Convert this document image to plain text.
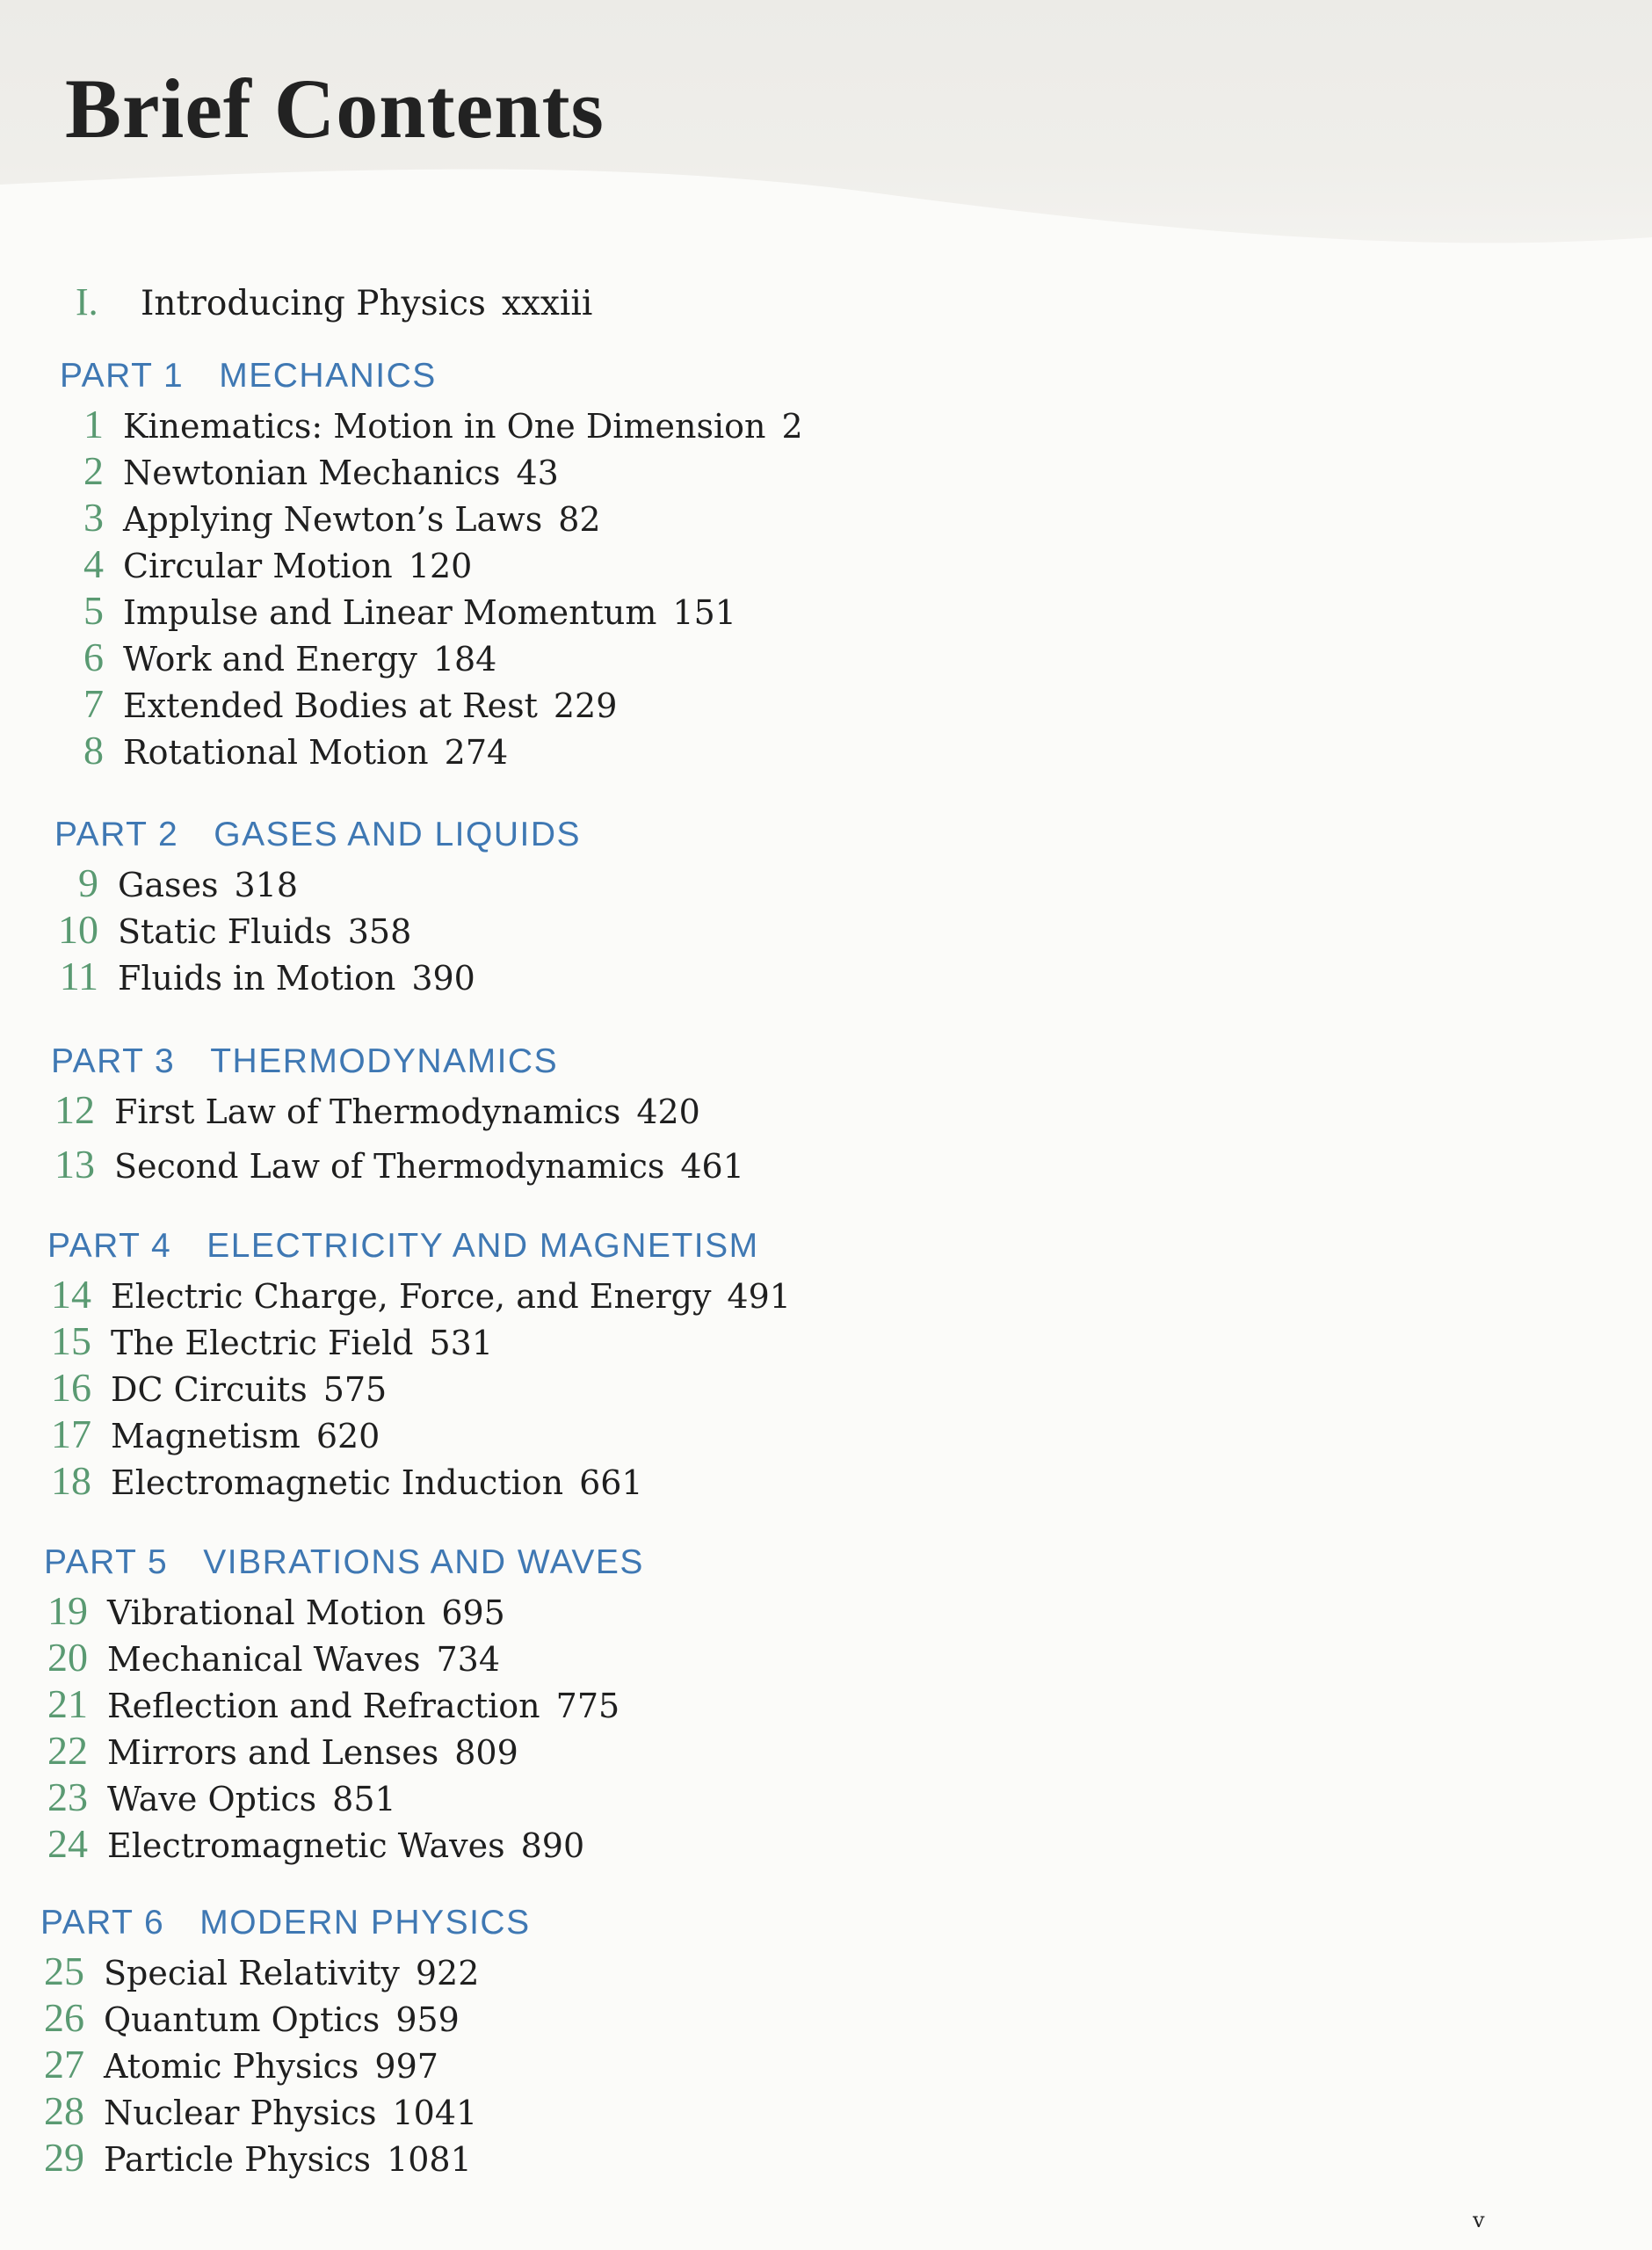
Brief Contents
I.	Introducing Physics xxxiii
PART 1 MECHANICS
1 Kinematics: Motion in One Dimension 2
2 Newtonian Mechanics 43
3 Applying Newton’s Laws 82
4 Circular Motion 120
5 Impulse and Linear Momentum 151
6 Work and Energy 184
7 Extended Bodies at Rest 229
8 Rotational Motion 274
PART 2 GASES AND LIQUIDS
9 Gases 318
10 Static Fluids 358
11 Fluids in Motion 390
PART 3 THERMODYNAMICS
12 First Law of Thermodynamics 420
13 Second Law of Thermodynamics 461
PART 4 ELECTRICITY AND MAGNETISM
14 Electric Charge, Force, and Energy 491
15 The Electric Field 531
16 DC Circuits 575
17 Magnetism 620
18 Electromagnetic Induction 661
PART 5 VIBRATIONS AND WAVES
19 Vibrational Motion 695
20 Mechanical Waves 734
21 Reflection and Refraction 775
22 Mirrors and Lenses 809
23 Wave Optics 851
24 Electromagnetic Waves 890
PART 6 MODERN PHYSICS
25 Special Relativity 922
26 Quantum Optics 959
27 Atomic Physics 997
28 Nuclear Physics 1041
29 Particle Physics 1081
v
